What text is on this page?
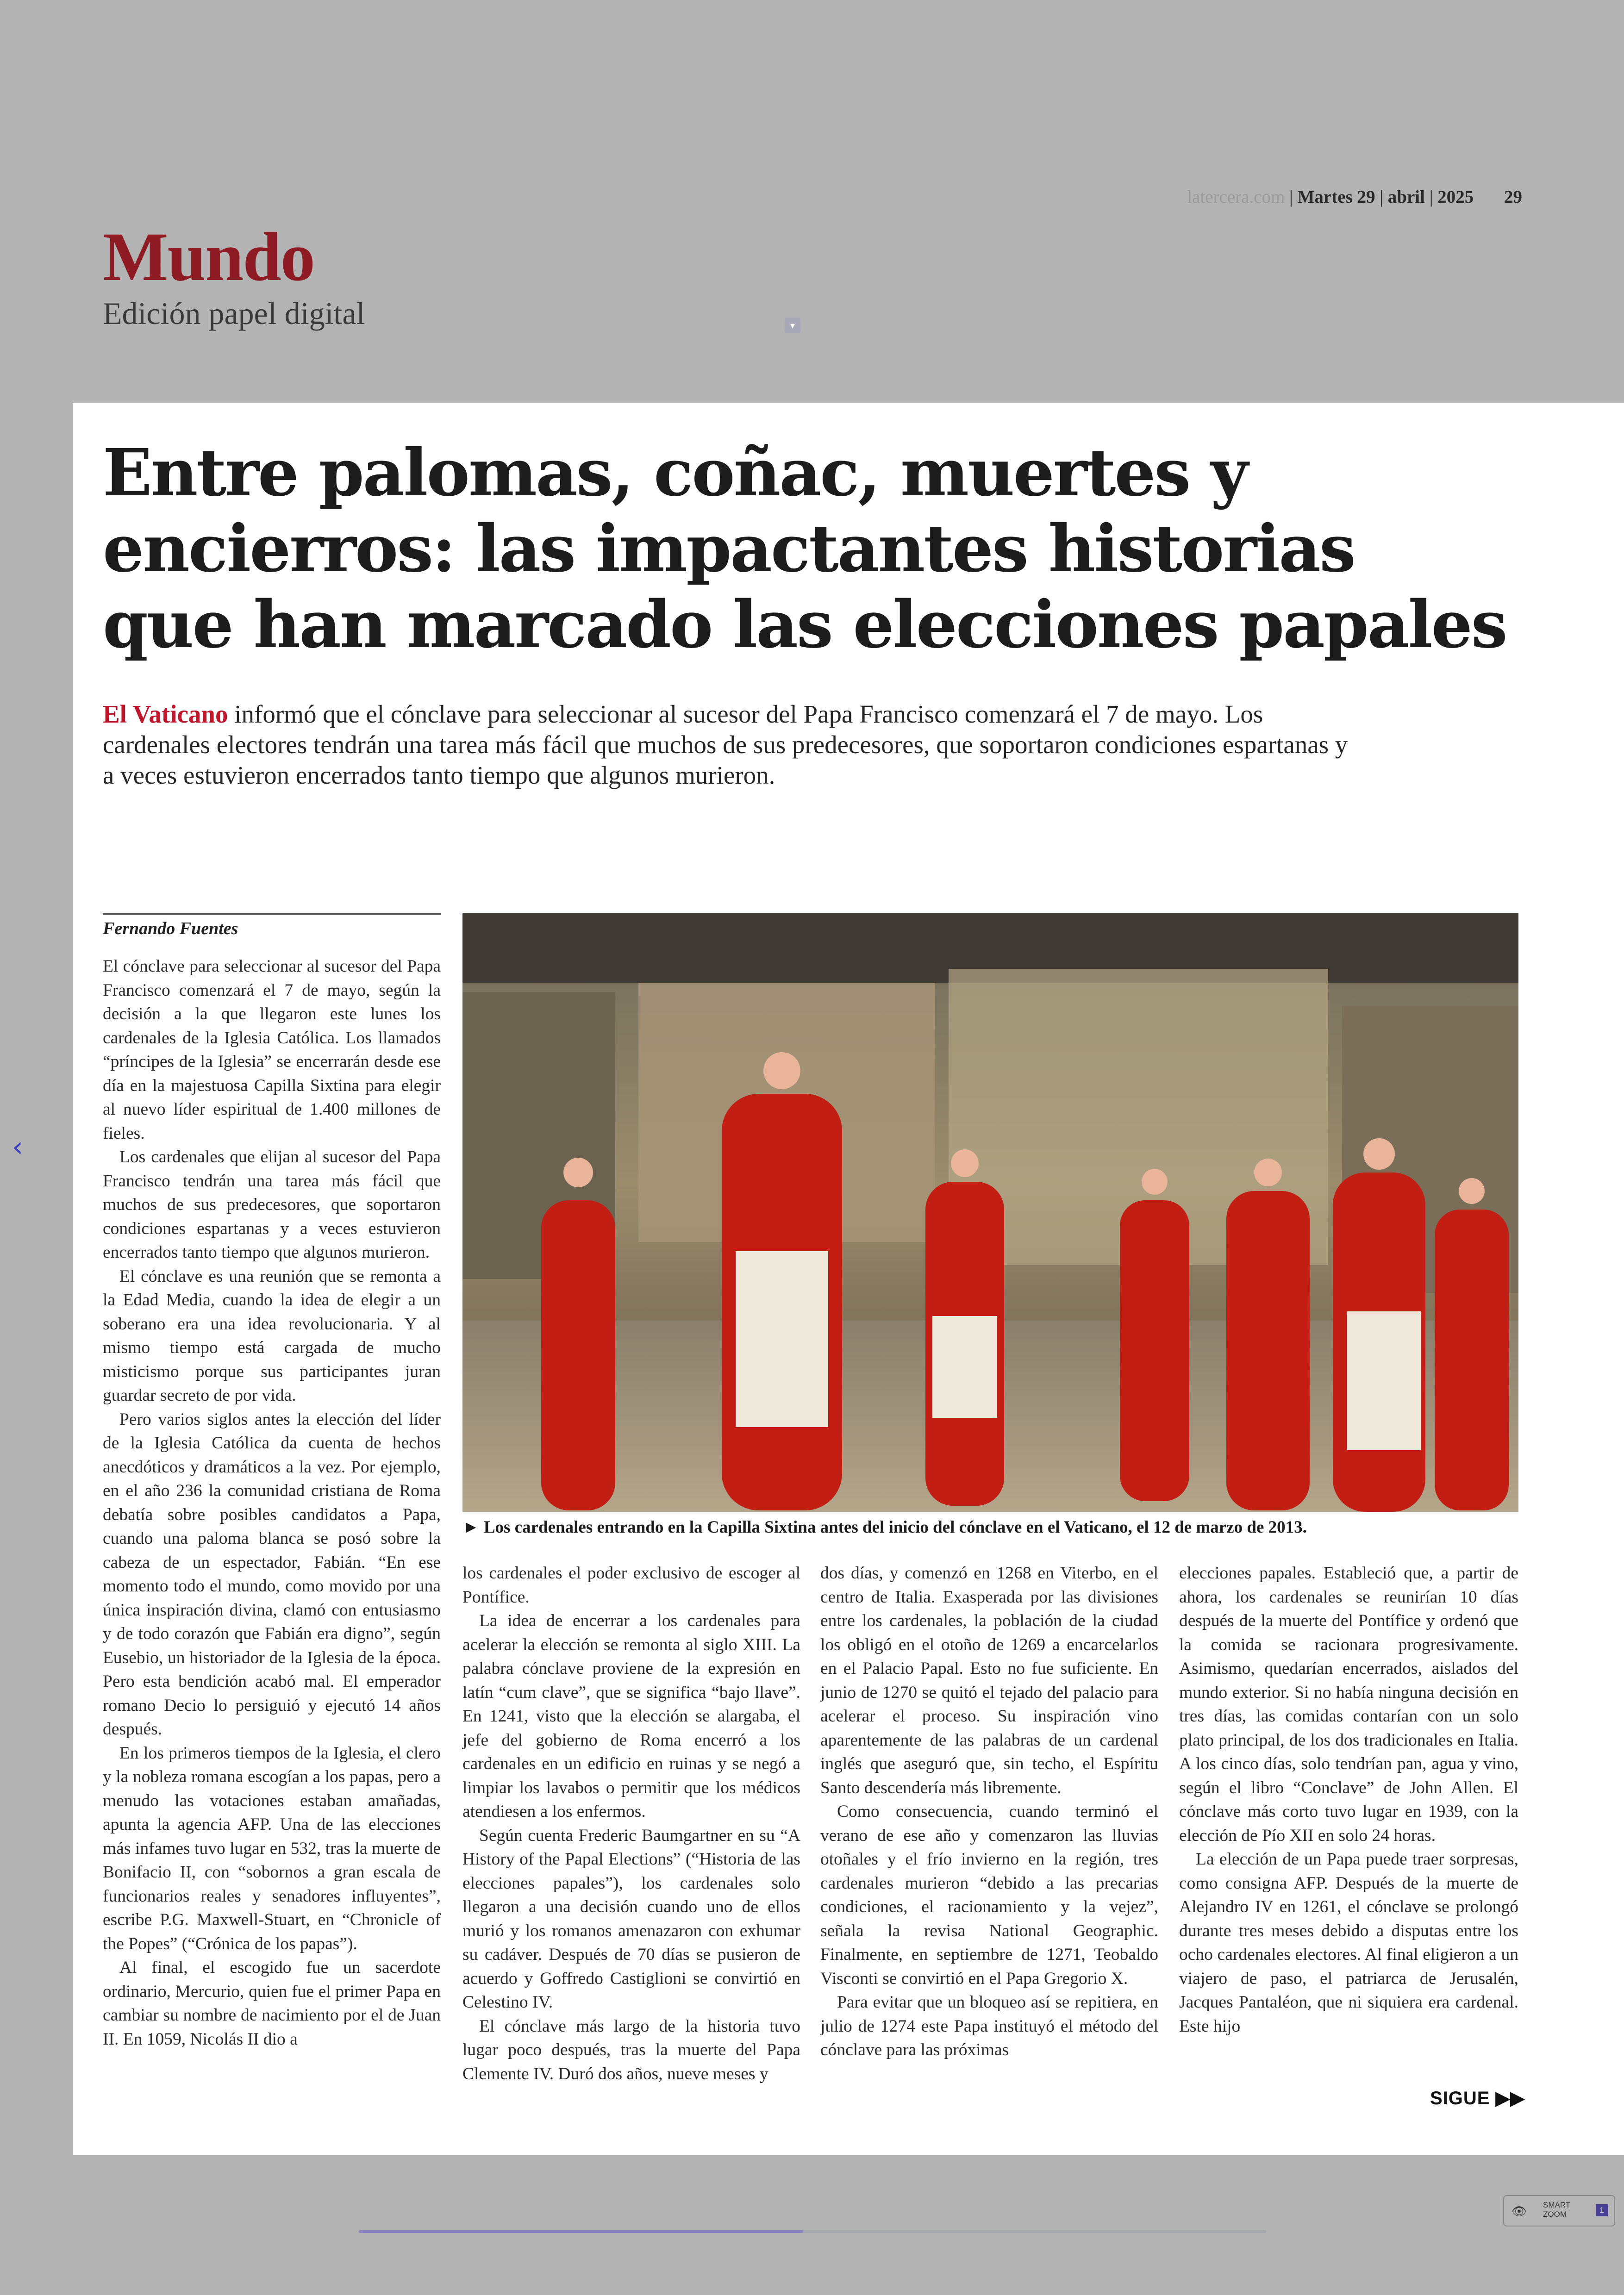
latercera.com | Martes 29 | abril | 2025 29
Mundo
Edición papel digital	▾
‹
Entre palomas, coñac, muertes y
encierros: las impactantes historias
que han marcado las elecciones papales
El Vaticano informó que el cónclave para seleccionar al sucesor del Papa Francisco comenzará el 7 de mayo. Los cardenales electores tendrán una tarea más fácil que muchos de sus predecesores, que soportaron condiciones espartanas y a veces estuvieron encerrados tanto tiempo que algunos murieron.
Fernando Fuentes

El cónclave para seleccionar al sucesor del Papa Francisco comenzará el 7 de mayo, según la decisión a la que llegaron este lunes los cardenales de la Iglesia Católica. Los llamados “príncipes de la Iglesia” se encerrarán desde ese día en la majestuosa Capilla Sixtina para elegir al nuevo líder espiritual de 1.400 millones de fieles.

Los cardenales que elijan al sucesor del Papa Francisco tendrán una tarea más fácil que muchos de sus predecesores, que soportaron condiciones espartanas y a veces estuvieron encerrados tanto tiempo que algunos murieron.

El cónclave es una reunión que se remonta a la Edad Media, cuando la idea de elegir a un soberano era una idea revolucionaria. Y al mismo tiempo está cargada de mucho misticismo porque sus participantes juran guardar secreto de por vida.

Pero varios siglos antes la elección del líder de la Iglesia Católica da cuenta de hechos anecdóticos y dramáticos a la vez. Por ejemplo, en el año 236 la comunidad cristiana de Roma debatía sobre posibles candidatos a Papa, cuando una paloma blanca se posó sobre la cabeza de un espectador, Fabián. “En ese momento todo el mundo, como movido por una única inspiración divina, clamó con entusiasmo y de todo corazón que Fabián era digno”, según Eusebio, un historiador de la Iglesia de la época. Pero esta bendición acabó mal. El emperador romano Decio lo persiguió y ejecutó 14 años después.

En los primeros tiempos de la Iglesia, el clero y la nobleza romana escogían a los papas, pero a menudo las votaciones estaban amañadas, apunta la agencia AFP. Una de las elecciones más infames tuvo lugar en 532, tras la muerte de Bonifacio II, con “sobornos a gran escala de funcionarios reales y senadores influyentes”, escribe P.G. Maxwell-Stuart, en “Chronicle of the Popes” (“Crónica de los papas”).

Al final, el escogido fue un sacerdote ordinario, Mercurio, quien fue el primer Papa en cambiar su nombre de nacimiento por el de Juan II. En 1059, Nicolás II dio a

► Los cardenales entrando en la Capilla Sixtina antes del inicio del cónclave en el Vaticano, el 12 de marzo de 2013.

los cardenales el poder exclusivo de escoger al Pontífice.

La idea de encerrar a los cardenales para acelerar la elección se remonta al siglo XIII. La palabra cónclave proviene de la expresión en latín “cum clave”, que se significa “bajo llave”. En 1241, visto que la elección se alargaba, el jefe del gobierno de Roma encerró a los cardenales en un edificio en ruinas y se negó a limpiar los lavabos o permitir que los médicos atendiesen a los enfermos.

Según cuenta Frederic Baumgartner en su “A History of the Papal Elections” (“Historia de las elecciones papales”), los cardenales solo llegaron a una decisión cuando uno de ellos murió y los romanos amenazaron con exhumar su cadáver. Después de 70 días se pusieron de acuerdo y Goffredo Castiglioni se convirtió en Celestino IV.

El cónclave más largo de la historia tuvo lugar poco después, tras la muerte del Papa Clemente IV. Duró dos años, nueve meses y

dos días, y comenzó en 1268 en Viterbo, en el centro de Italia. Exasperada por las divisiones entre los cardenales, la población de la ciudad los obligó en el otoño de 1269 a encarcelarlos en el Palacio Papal. Esto no fue suficiente. En junio de 1270 se quitó el tejado del palacio para acelerar el proceso. Su inspiración vino aparentemente de las palabras de un cardenal inglés que aseguró que, sin techo, el Espíritu Santo descendería más libremente.

Como consecuencia, cuando terminó el verano de ese año y comenzaron las lluvias otoñales y el frío invierno en la región, tres cardenales murieron “debido a las precarias condiciones, el racionamiento y la vejez”, señala la revisa National Geographic. Finalmente, en septiembre de 1271, Teobaldo Visconti se convirtió en el Papa Gregorio X.

Para evitar que un bloqueo así se repitiera, en julio de 1274 este Papa instituyó el método del cónclave para las próximas

elecciones papales. Estableció que, a partir de ahora, los cardenales se reunirían 10 días después de la muerte del Pontífice y ordenó que la comida se racionara progresivamente. Asimismo, quedarían encerrados, aislados del mundo exterior. Si no había ninguna decisión en tres días, las comidas contarían con un solo plato principal, de los dos tradicionales en Italia. A los cinco días, solo tendrían pan, agua y vino, según el libro “Conclave” de John Allen. El cónclave más corto tuvo lugar en 1939, con la elección de Pío XII en solo 24 horas.

La elección de un Papa puede traer sorpresas, como consigna AFP. Después de la muerte de Alejandro IV en 1261, el cónclave se prolongó durante tres meses debido a disputas entre los ocho cardenales electores. Al final eligieron a un viajero de paso, el patriarca de Jerusalén, Jacques Pantaléon, que ni siquiera era cardenal. Este hijo

SIGUE ▶▶
👁 SMART
ZOOM	1
